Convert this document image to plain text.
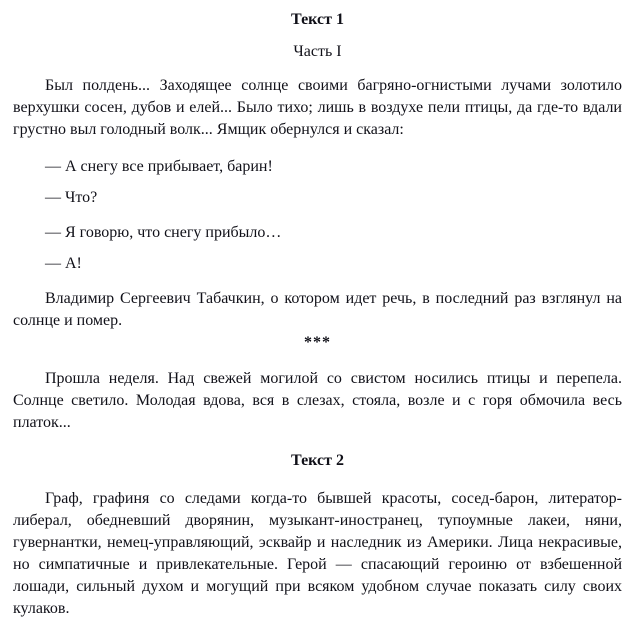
Текст 1
Часть I
Был полдень... Заходящее солнце своими багряно-огнистыми лучами золотило
верхушки сосен, дубов и елей... Было тихо; лишь в воздухе пели птицы, да где-то вдали
грустно выл голодный волк... Ямщик обернулся и сказал:
— А снегу все прибывает, барин!
— Что?
— Я говорю, что снегу прибыло…
— А!
Владимир Сергеевич Табачкин, о котором идет речь, в последний раз взглянул на
солнце и помер.
***
Прошла неделя. Над свежей могилой со свистом носились птицы и перепела.
Солнце светило. Молодая вдова, вся в слезах, стояла, возле и с горя обмочила весь
платок...
Текст 2
Граф, графиня со следами когда-то бывшей красоты, сосед-барон, литератор-
либерал, обедневший дворянин, музыкант-иностранец, тупоумные лакеи, няни,
гувернантки, немец-управляющий, эсквайр и наследник из Америки. Лица некрасивые,
но симпатичные и привлекательные. Герой — спасающий героиню от взбешенной
лошади, сильный духом и могущий при всяком удобном случае показать силу своих
кулаков.
